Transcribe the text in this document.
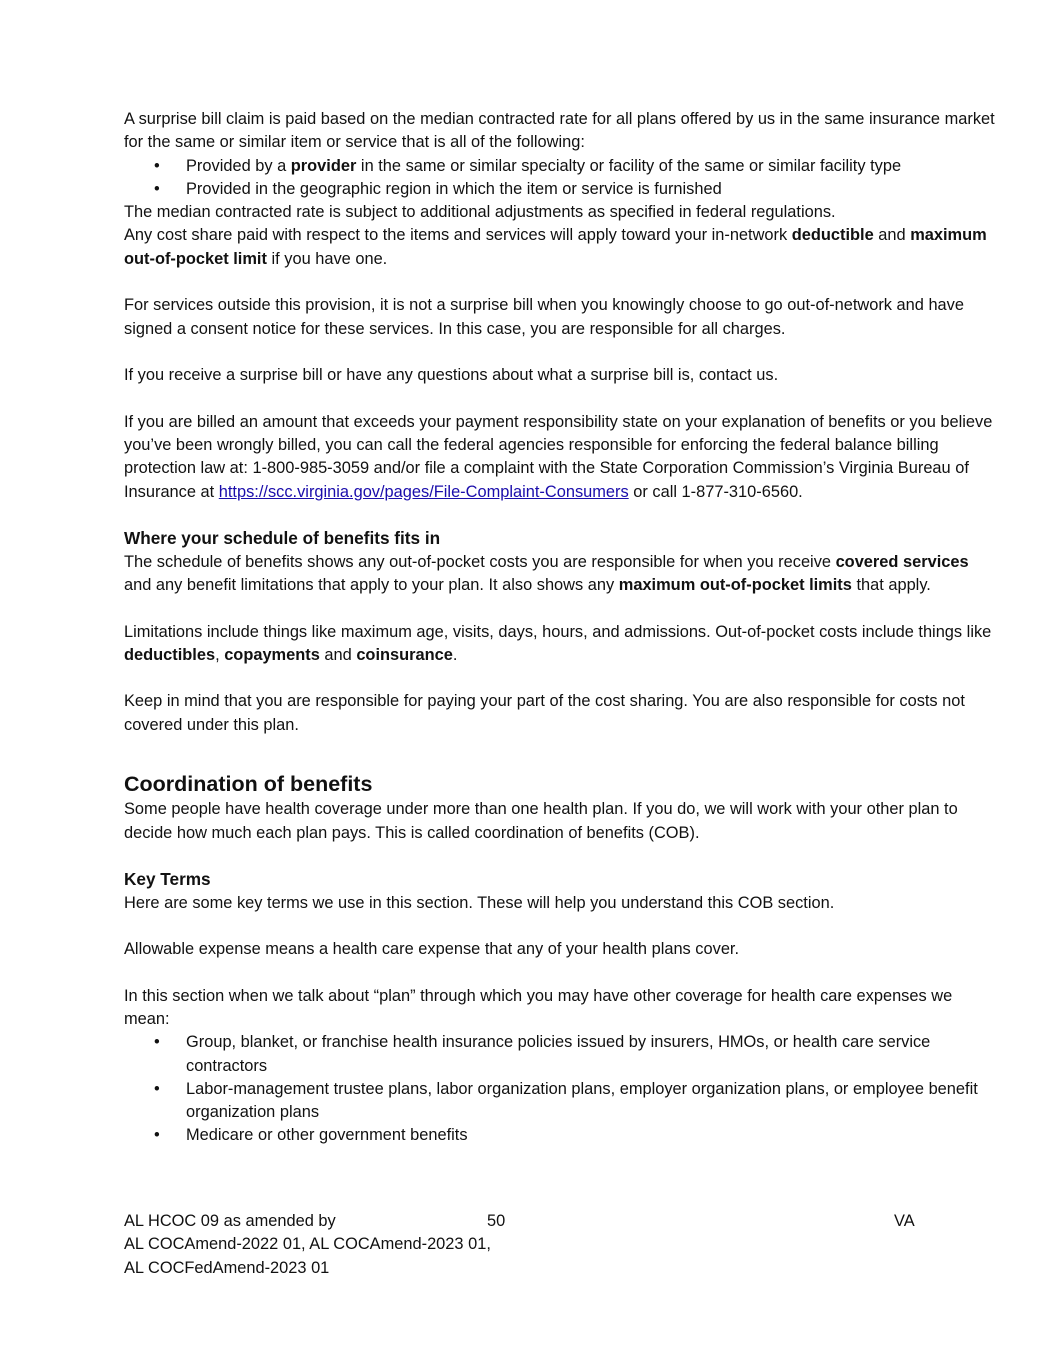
A surprise bill claim is paid based on the median contracted rate for all plans offered by us in the same insurance market for the same or similar item or service that is all of the following:

• Provided by a provider in the same or similar specialty or facility of the same or similar facility type
• Provided in the geographic region in which the item or service is furnished

The median contracted rate is subject to additional adjustments as specified in federal regulations.

Any cost share paid with respect to the items and services will apply toward your in-network deductible and maximum out-of-pocket limit if you have one.

For services outside this provision, it is not a surprise bill when you knowingly choose to go out-of-network and have signed a consent notice for these services. In this case, you are responsible for all charges.

If you receive a surprise bill or have any questions about what a surprise bill is, contact us.

If you are billed an amount that exceeds your payment responsibility state on your explanation of benefits or you believe you’ve been wrongly billed, you can call the federal agencies responsible for enforcing the federal balance billing protection law at: 1-800-985-3059 and/or file a complaint with the State Corporation Commission’s Virginia Bureau of Insurance at https://scc.virginia.gov/pages/File-Complaint-Consumers or call 1-877-310-6560.

Where your schedule of benefits fits in

The schedule of benefits shows any out-of-pocket costs you are responsible for when you receive covered services and any benefit limitations that apply to your plan. It also shows any maximum out-of-pocket limits that apply.

Limitations include things like maximum age, visits, days, hours, and admissions. Out-of-pocket costs include things like deductibles, copayments and coinsurance.

Keep in mind that you are responsible for paying your part of the cost sharing. You are also responsible for costs not covered under this plan.

Coordination of benefits

Some people have health coverage under more than one health plan. If you do, we will work with your other plan to decide how much each plan pays. This is called coordination of benefits (COB).

Key Terms

Here are some key terms we use in this section. These will help you understand this COB section.

Allowable expense means a health care expense that any of your health plans cover.

In this section when we talk about “plan” through which you may have other coverage for health care expenses we mean:

• Group, blanket, or franchise health insurance policies issued by insurers, HMOs, or health care service contractors
• Labor-management trustee plans, labor organization plans, employer organization plans, or employee benefit organization plans
• Medicare or other government benefits
AL HCOC 09 as amended by	50	VA
AL COCAmend-2022 01, AL COCAmend-2023 01,
AL COCFedAmend-2023 01
